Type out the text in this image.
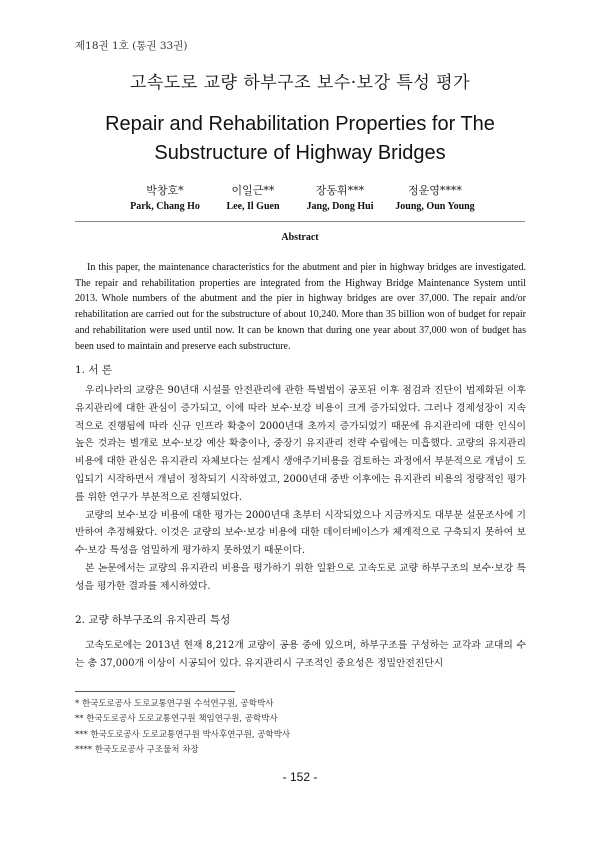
제18권 1호 (통권 33권)
고속도로 교량 하부구조 보수·보강 특성 평가
Repair and Rehabilitation Properties for The
Substructure of Highway Bridges
박창호*
Park, Chang Ho
이일근**
Lee, Il Guen
장동휘***
Jang, Dong Hui
정운영****
Joung, Oun Young
Abstract

In this paper, the maintenance characteristics for the abutment and pier in highway bridges are investigated. The repair and rehabilitation properties are integrated from the Highway Bridge Maintenance System until 2013. Whole numbers of the abutment and the pier in highway bridges are over 37,000. The repair and/or rehabilitation are carried out for the substructure of about 10,240. More than 35 billion won of budget for repair and rehabilitation were used until now. It can be known that during one year about 37,000 won of budget has been used to maintain and preserve each substructure.

1. 서 론

우리나라의 교량은 90년대 시설물 안전관리에 관한 특별법이 공포된 이후 점검과 진단이 법제화된 이후 유지관리에 대한 관심이 증가되고, 이에 따라 보수·보강 비용이 크게 증가되었다. 그러나 경제성장이 지속적으로 진행됨에 따라 신규 인프라 확충이 2000년대 초까지 증가되었기 때문에 유지관리에 대한 인식이 높은 것과는 별개로 보수·보강 예산 확충이나, 중장기 유지관리 전략 수립에는 미흡했다. 교량의 유지관리 비용에 대한 관심은 유지관리 자체보다는 설계시 생애주기비용을 검토하는 과정에서 부분적으로 개념이 도입되기 시작하면서 개념이 정착되기 시작하였고, 2000년대 중반 이후에는 유지관리 비용의 정량적인 평가를 위한 연구가 부분적으로 진행되었다.

교량의 보수·보강 비용에 대한 평가는 2000년대 초부터 시작되었으나 지금까지도 대부분 설문조사에 기반하여 추정해왔다. 이것은 교량의 보수·보강 비용에 대한 데이터베이스가 체계적으로 구축되지 못하여 보수·보강 특성을 엄밀하게 평가하지 못하였기 때문이다.

본 논문에서는 교량의 유지관리 비용을 평가하기 위한 일환으로 고속도로 교량 하부구조의 보수·보강 특성을 평가한 결과를 제시하였다.

2. 교량 하부구조의 유지관리 특성

고속도로에는 2013년 현재 8,212개 교량이 공용 중에 있으며, 하부구조를 구성하는 교각과 교대의 수는 총 37,000개 이상이 시공되어 있다. 유지관리시 구조적인 중요성은 정밀안전진단시

* 한국도로공사 도로교통연구원 수석연구원, 공학박사
** 한국도로공사 도로교통연구원 책임연구원, 공학박사
*** 한국도로공사 도로교통연구원 박사후연구원, 공학박사
**** 한국도로공사 구조물처 차장
- 152 -
